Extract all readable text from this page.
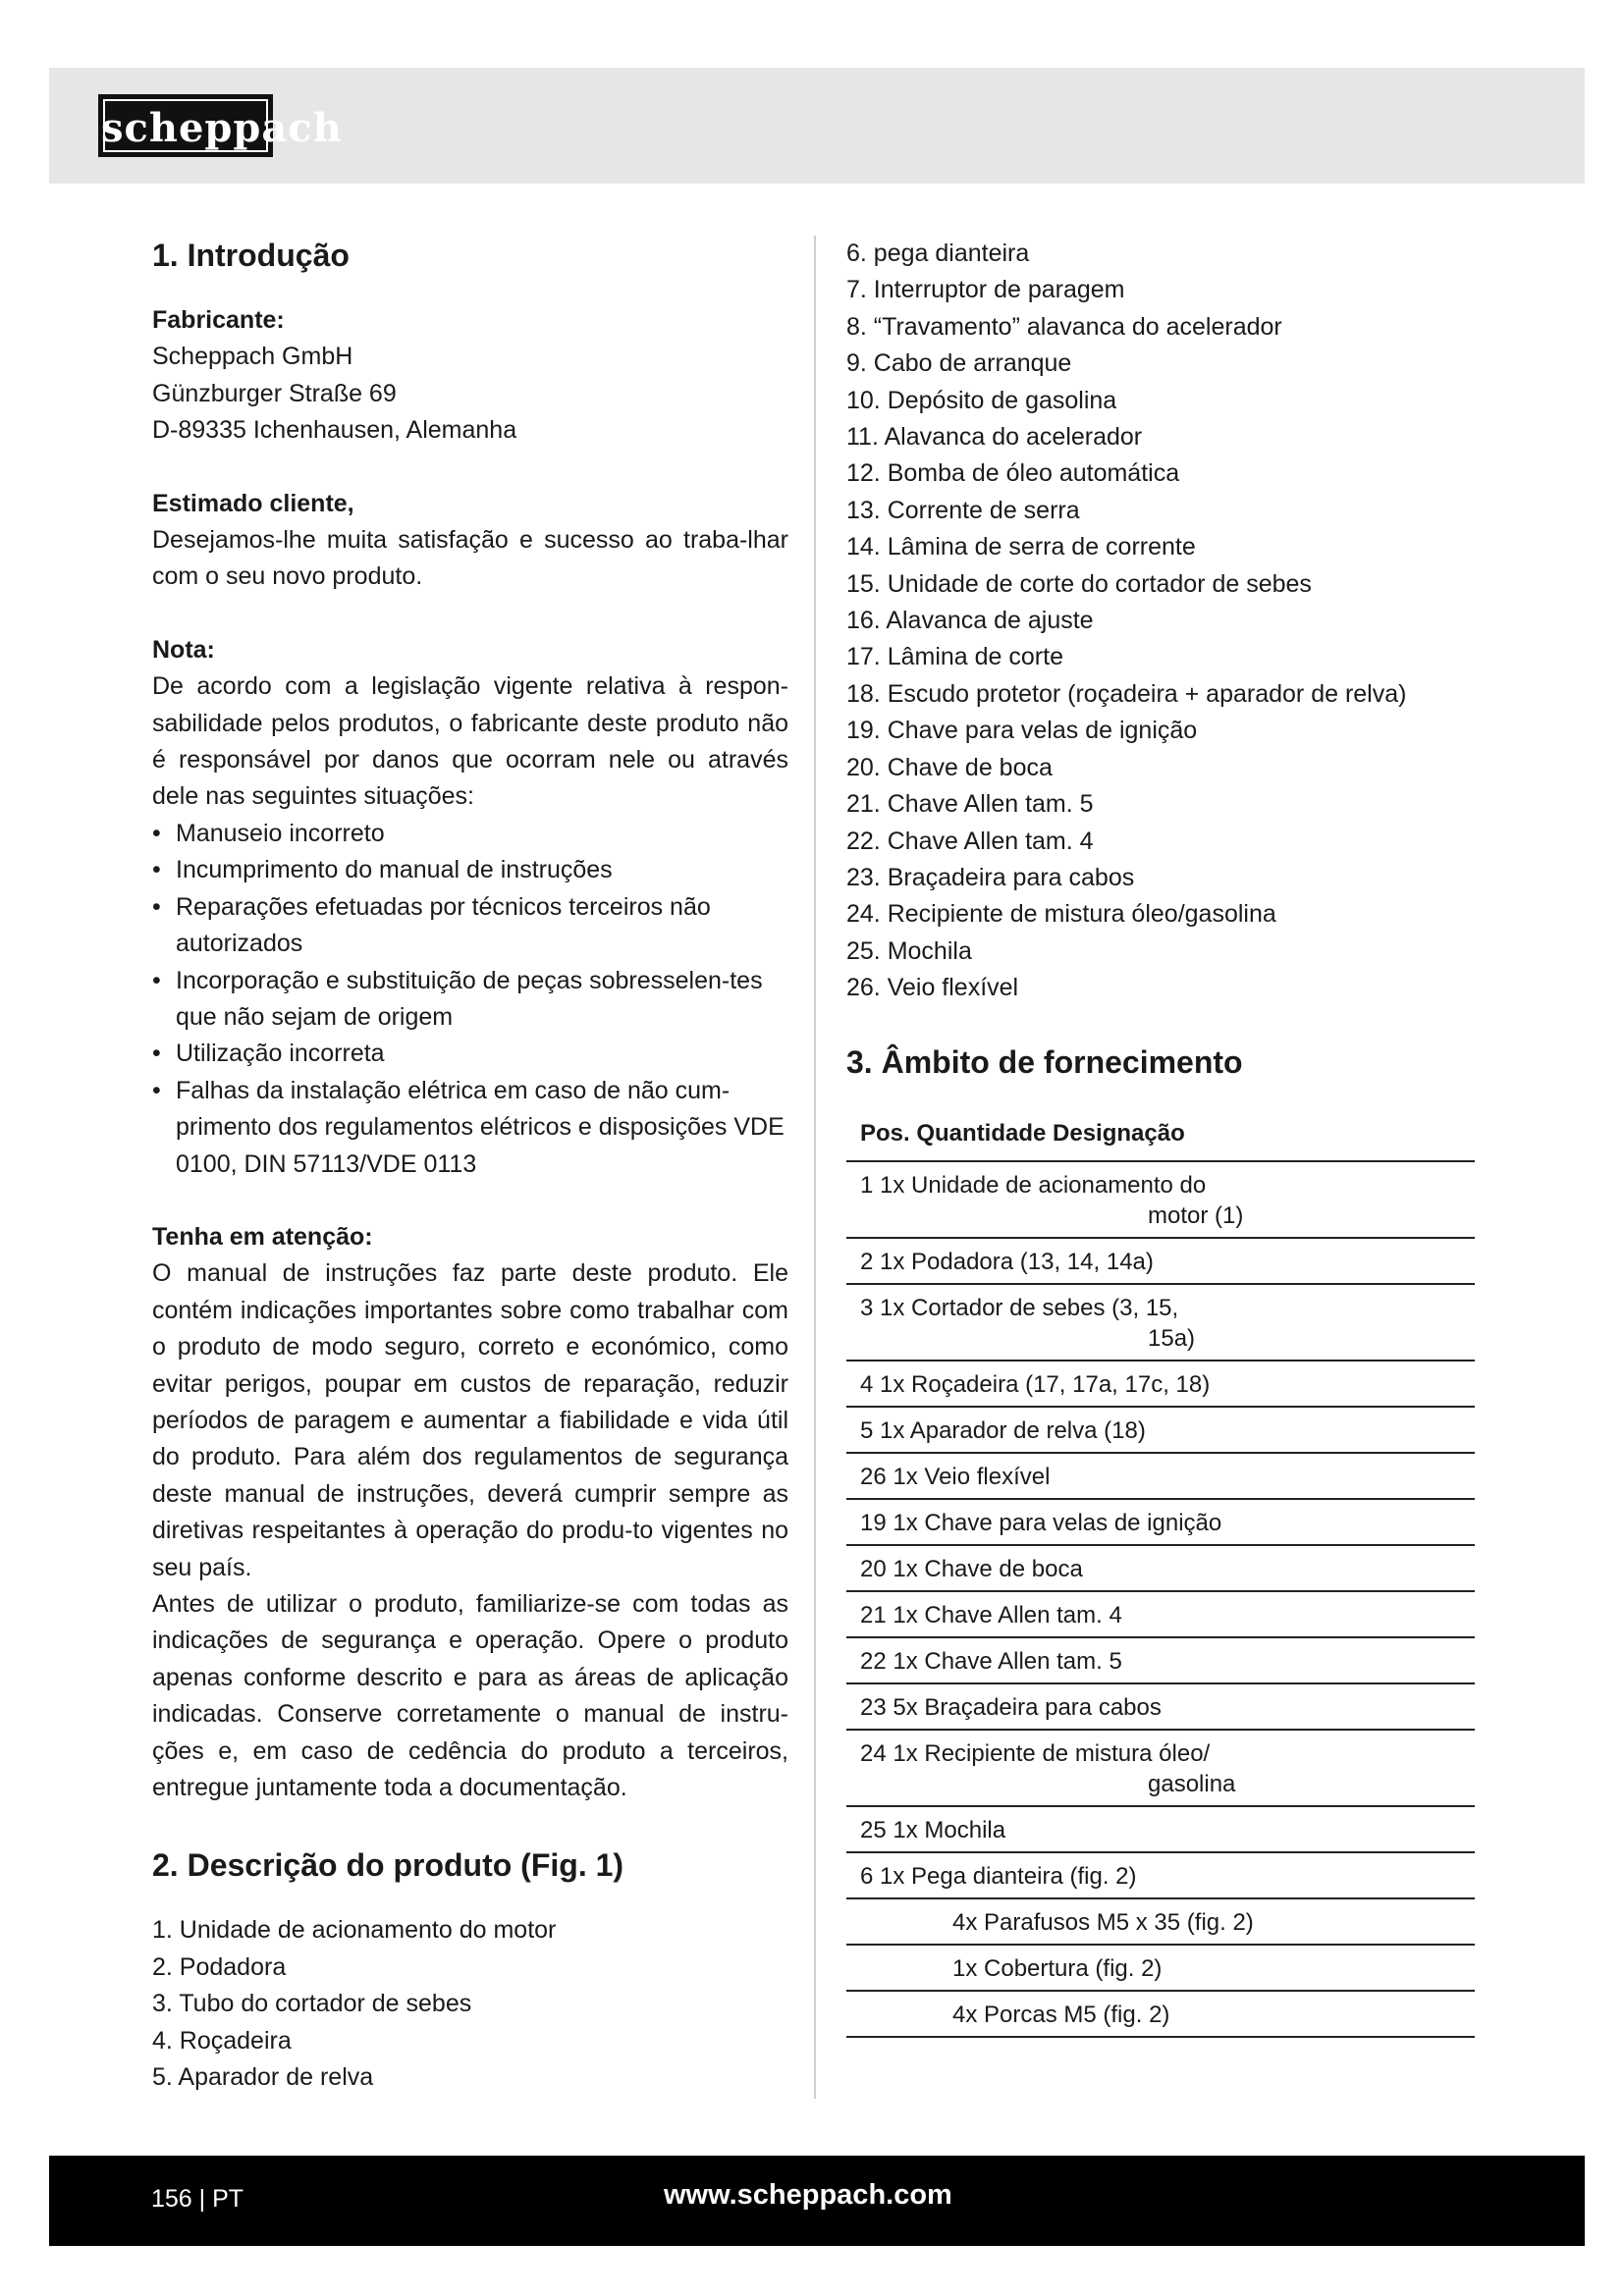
scheppach
1. Introdução

Fabricante:

Scheppach GmbH

Günzburger Straße 69

D-89335 Ichenhausen, Alemanha

Estimado cliente,

Desejamos-lhe muita satisfação e sucesso ao traba-lhar com o seu novo produto.

Nota:

De acordo com a legislação vigente relativa à respon-sabilidade pelos produtos, o fabricante deste produto não é responsável por danos que ocorram nele ou através dele nas seguintes situações:

• Manuseio incorreto
• Incumprimento do manual de instruções
• Reparações efetuadas por técnicos terceiros não autorizados
• Incorporação e substituição de peças sobresselen-tes que não sejam de origem
• Utilização incorreta
• Falhas da instalação elétrica em caso de não cum-primento dos regulamentos elétricos e disposições VDE 0100, DIN 57113/VDE 0113

Tenha em atenção:

O manual de instruções faz parte deste produto. Ele contém indicações importantes sobre como trabalhar com o produto de modo seguro, correto e económico, como evitar perigos, poupar em custos de reparação, reduzir períodos de paragem e aumentar a fiabilidade e vida útil do produto. Para além dos regulamentos de segurança deste manual de instruções, deverá cumprir sempre as diretivas respeitantes à operação do produ-to vigentes no seu país.

Antes de utilizar o produto, familiarize-se com todas as indicações de segurança e operação. Opere o produto apenas conforme descrito e para as áreas de aplicação indicadas. Conserve corretamente o manual de instru-ções e, em caso de cedência do produto a terceiros, entregue juntamente toda a documentação.

2. Descrição do produto (Fig. 1)
1. Unidade de acionamento do motor
2. Podadora
3. Tubo do cortador de sebes
4. Roçadeira
5. Aparador de relva
6. pega dianteira
7. Interruptor de paragem
8. “Travamento” alavanca do acelerador
9. Cabo de arranque
10. Depósito de gasolina
11. Alavanca do acelerador
12. Bomba de óleo automática
13. Corrente de serra
14. Lâmina de serra de corrente
15. Unidade de corte do cortador de sebes
16. Alavanca de ajuste
17. Lâmina de corte
18. Escudo protetor (roçadeira + aparador de relva)
19. Chave para velas de ignição
20. Chave de boca
21. Chave Allen tam. 5
22. Chave Allen tam. 4
23. Braçadeira para cabos
24. Recipiente de mistura óleo/gasolina
25. Mochila
26. Veio flexível
3. Âmbito de fornecimento
Pos. Quantidade Designação
1 1x Unidade de acionamento do
motor (1)
2 1x Podadora (13, 14, 14a)
3 1x Cortador de sebes (3, 15,
15a)
4 1x Roçadeira (17, 17a, 17c, 18)
5 1x Aparador de relva (18)
26 1x Veio flexível
19 1x Chave para velas de ignição
20 1x Chave de boca
21 1x Chave Allen tam. 4
22 1x Chave Allen tam. 5
23 5x Braçadeira para cabos
24 1x Recipiente de mistura óleo/
gasolina
25 1x Mochila
6 1x Pega dianteira (fig. 2)
4x Parafusos M5 x 35 (fig. 2)
1x Cobertura (fig. 2)
4x Porcas M5 (fig. 2)
156 | PT	www.scheppach.com
